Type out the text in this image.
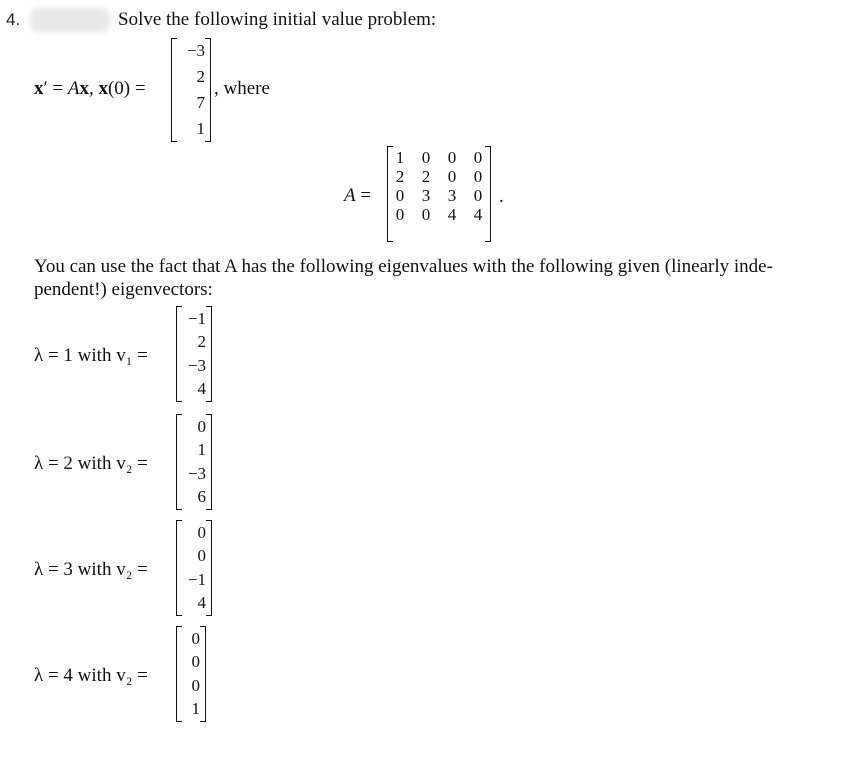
4.	Solve the following initial value problem:
x′ = Ax, x(0) =
−3
2
7
1
, where
A =
1 0 0 0
2 2 0 0
0 3 3 0
0 0 4 4
.
You can use the fact that A has the following eigenvalues with the following given (linearly inde-
pendent!) eigenvectors:
λ = 1 with v₁ =
−1
2
−3
4
λ = 2 with v₂ =
0
1
−3
6
λ = 3 with v₂ =
0
0
−1
4
λ = 4 with v₂ =
0
0
0
1
